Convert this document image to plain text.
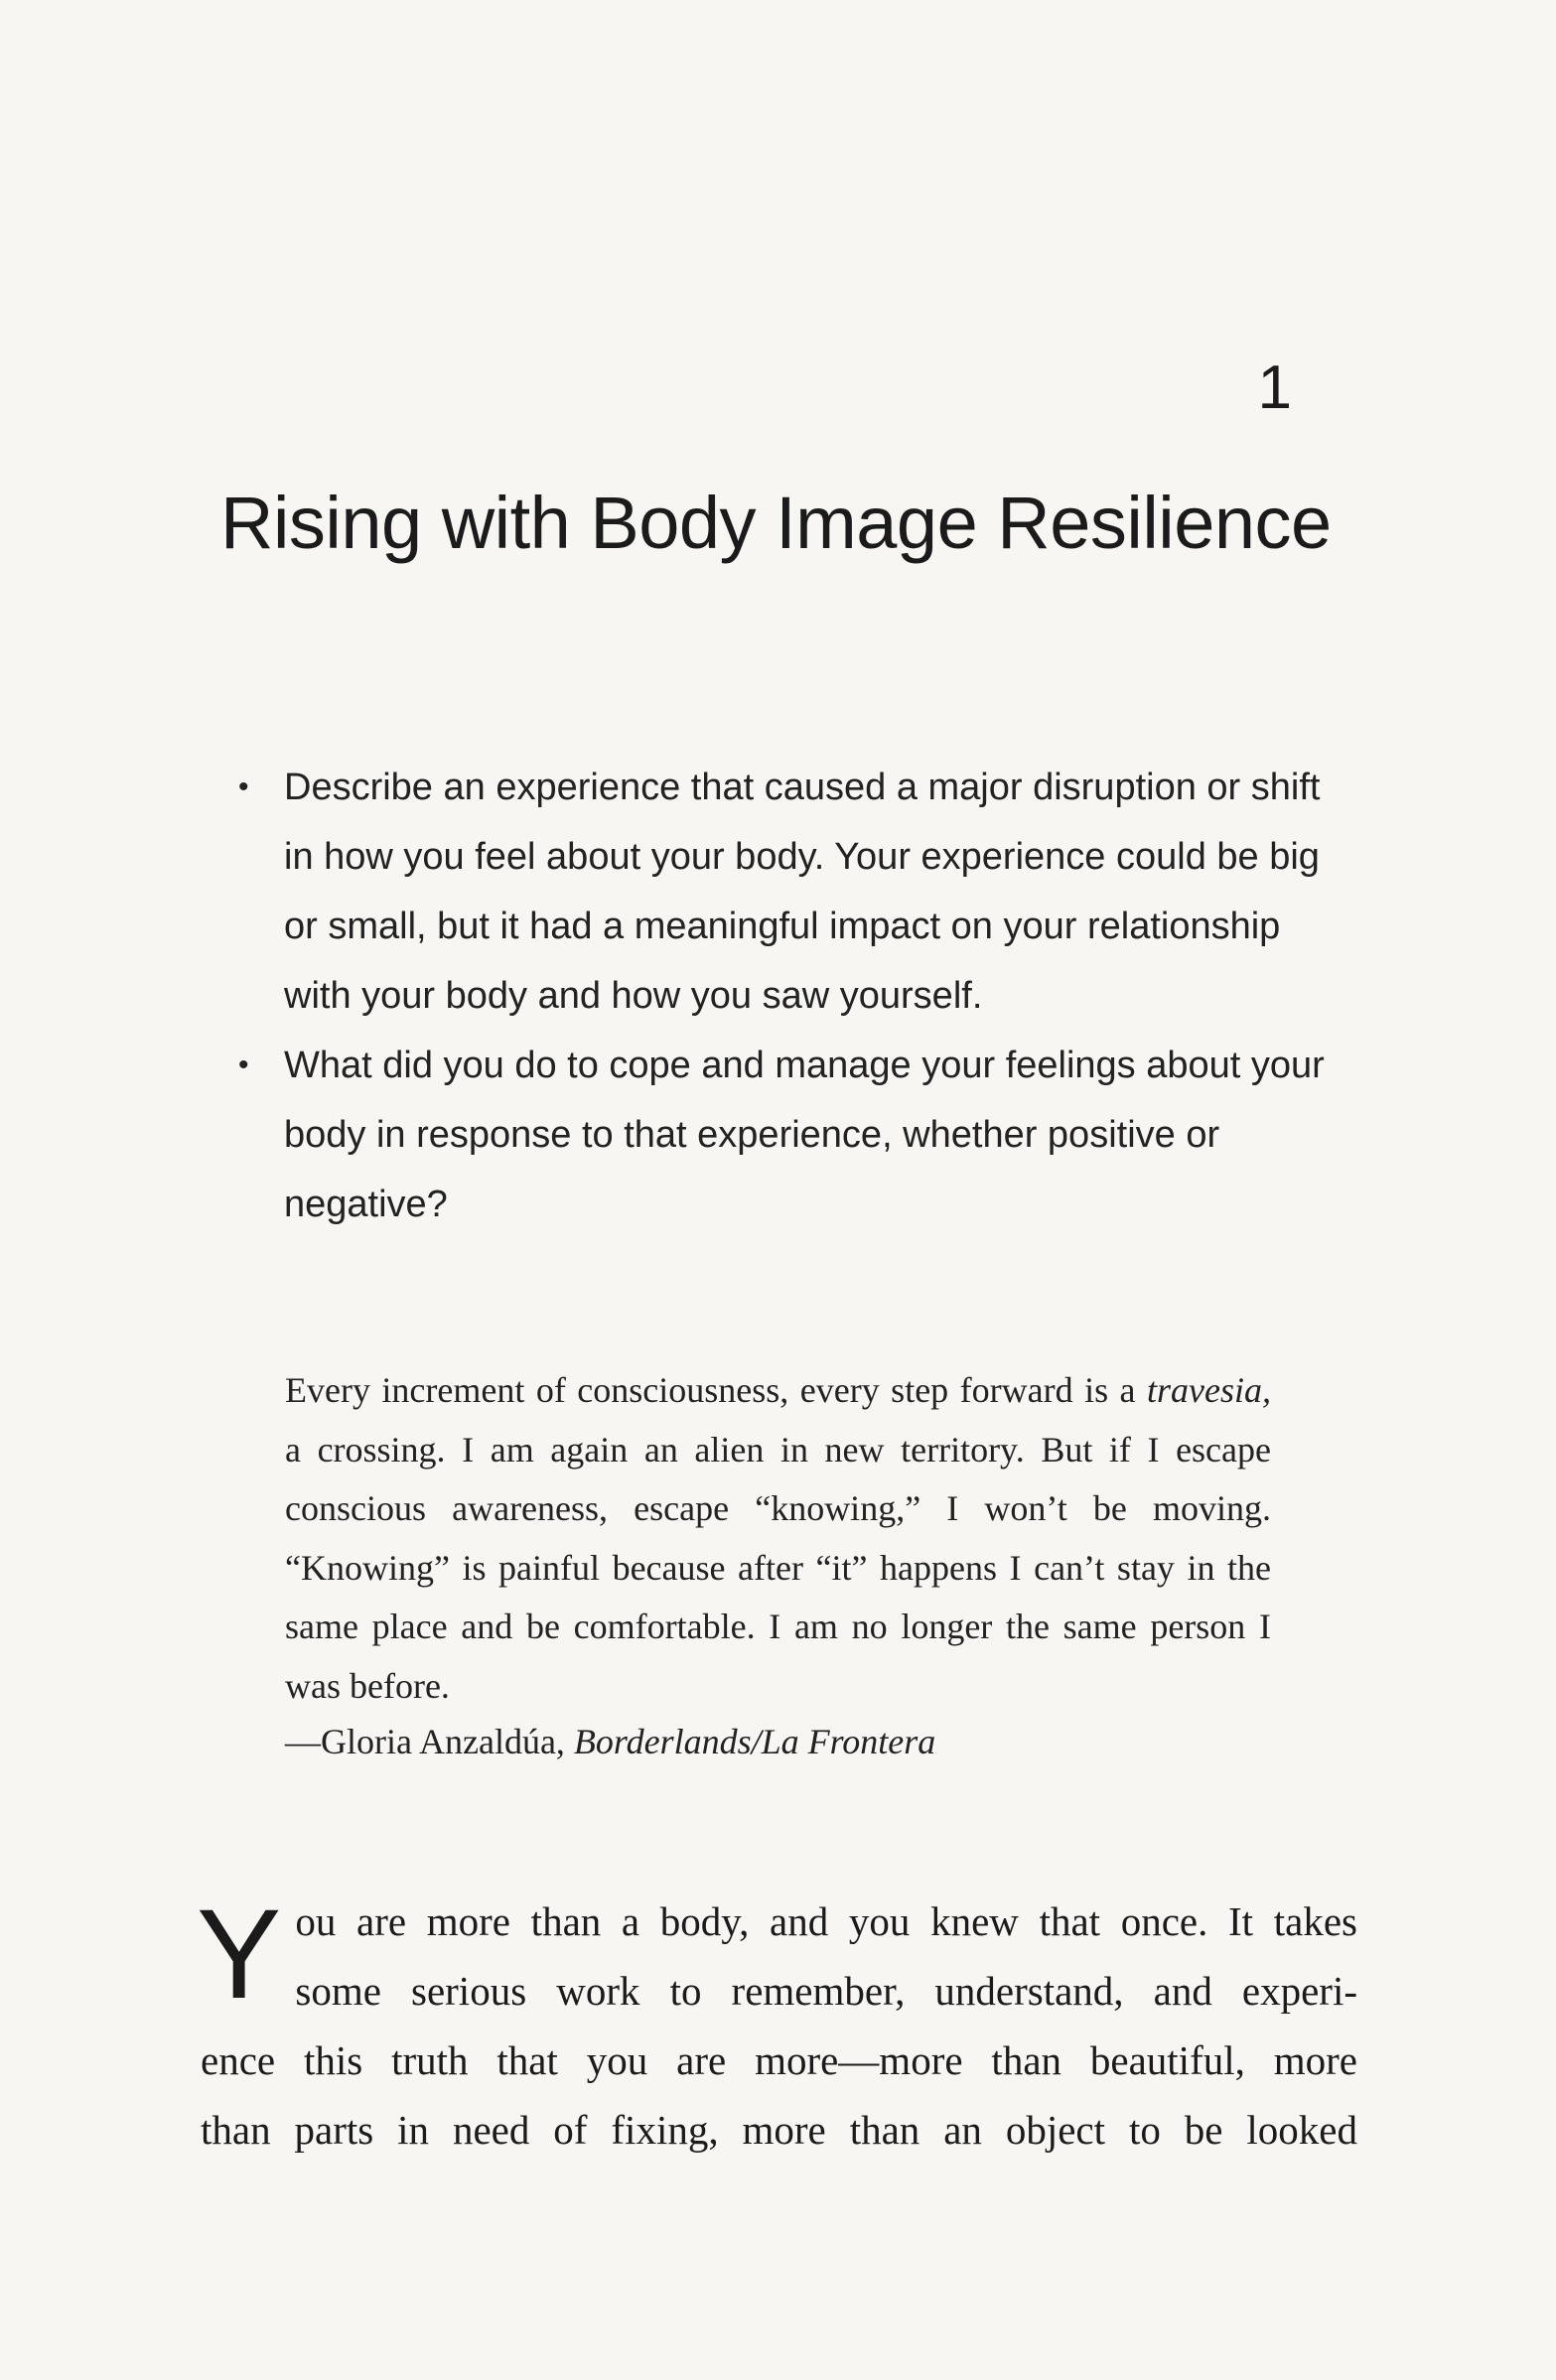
1
Rising with Body Image Resilience
• Describe an experience that caused a major disruption or shift in how you feel about your body. Your experience could be big or small, but it had a meaningful impact on your relationship with your body and how you saw yourself.
• What did you do to cope and manage your feelings about your body in response to that experience, whether positive or negative?
Every increment of consciousness, every step forward is a travesia, a crossing. I am again an alien in new territory. But if I escape conscious awareness, escape “knowing,” I won’t be moving. “Knowing” is painful because after “it” happens I can’t stay in the same place and be comfortable. I am no longer the same person I was before.
—Gloria Anzaldúa, Borderlands/La Frontera
Y ou are more than a body, and you knew that once. It takes
some serious work to remember, understand, and experi-
ence this truth that you are more—more than beautiful, more
than parts in need of fixing, more than an object to be looked
